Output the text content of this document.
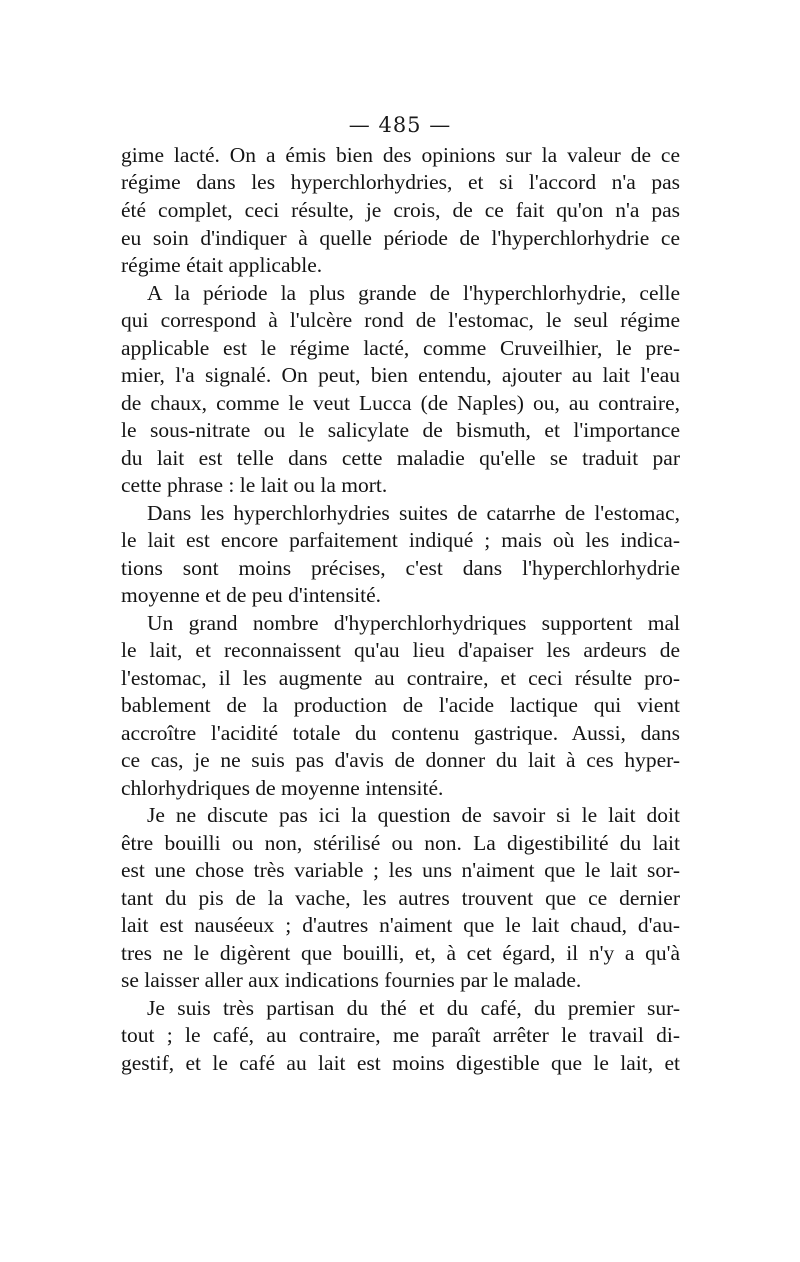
— 485 —
gime lacté. On a émis bien des opinions sur la valeur de ce
régime dans les hyperchlorhydries, et si l'accord n'a pas
été complet, ceci résulte, je crois, de ce fait qu'on n'a pas
eu soin d'indiquer à quelle période de l'hyperchlorhydrie ce
régime était applicable.
A la période la plus grande de l'hyperchlorhydrie, celle
qui correspond à l'ulcère rond de l'estomac, le seul régime
applicable est le régime lacté, comme Cruveilhier, le pre-
mier, l'a signalé. On peut, bien entendu, ajouter au lait l'eau
de chaux, comme le veut Lucca (de Naples) ou, au contraire,
le sous-nitrate ou le salicylate de bismuth, et l'importance
du lait est telle dans cette maladie qu'elle se traduit par
cette phrase : le lait ou la mort.
Dans les hyperchlorhydries suites de catarrhe de l'estomac,
le lait est encore parfaitement indiqué ; mais où les indica-
tions sont moins précises, c'est dans l'hyperchlorhydrie
moyenne et de peu d'intensité.
Un grand nombre d'hyperchlorhydriques supportent mal
le lait, et reconnaissent qu'au lieu d'apaiser les ardeurs de
l'estomac, il les augmente au contraire, et ceci résulte pro-
bablement de la production de l'acide lactique qui vient
accroître l'acidité totale du contenu gastrique. Aussi, dans
ce cas, je ne suis pas d'avis de donner du lait à ces hyper-
chlorhydriques de moyenne intensité.
Je ne discute pas ici la question de savoir si le lait doit
être bouilli ou non, stérilisé ou non. La digestibilité du lait
est une chose très variable ; les uns n'aiment que le lait sor-
tant du pis de la vache, les autres trouvent que ce dernier
lait est nauséeux ; d'autres n'aiment que le lait chaud, d'au-
tres ne le digèrent que bouilli, et, à cet égard, il n'y a qu'à
se laisser aller aux indications fournies par le malade.
Je suis très partisan du thé et du café, du premier sur-
tout ; le café, au contraire, me paraît arrêter le travail di-
gestif, et le café au lait est moins digestible que le lait, et
